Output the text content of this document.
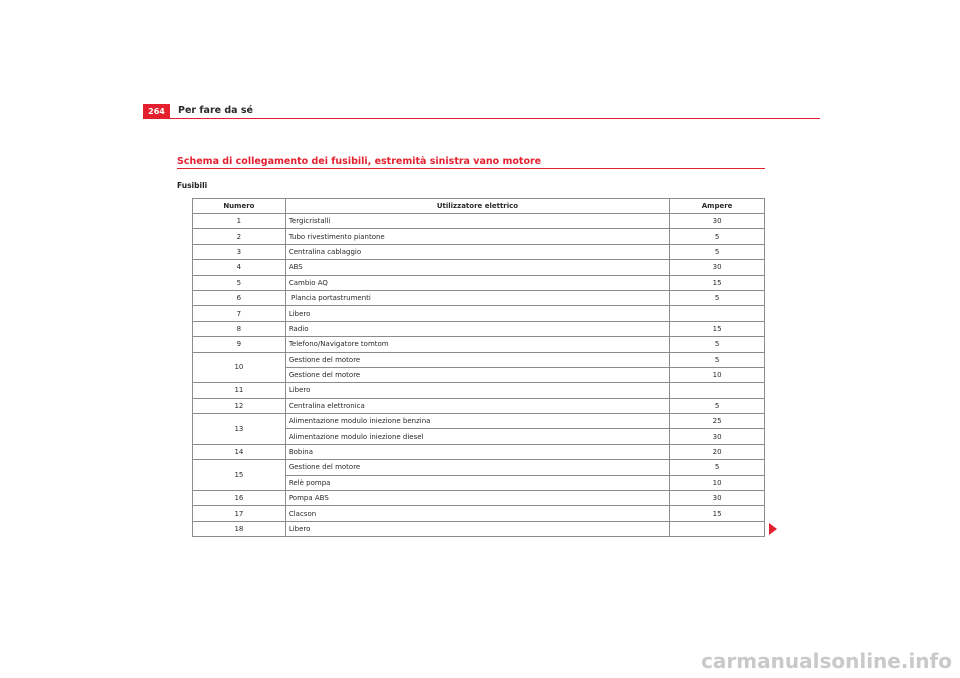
264	Per fare da sé
Schema di collegamento dei fusibili, estremità sinistra vano motore
Fusibili
Numero	Utilizzatore elettrico	Ampere
1	Tergicristalli	30
2	Tubo rivestimento piantone	5
3	Centralina cablaggio	5
4	ABS	30
5	Cambio AQ	15
6	Plancia portastrumenti	5
7	Libero	
8	Radio	15
9	Telefono/Navigatore tomtom	5
10	Gestione del motore	5
	Gestione del motore	10
11	Libero	
12	Centralina elettronica	5
13	Alimentazione modulo iniezione benzina	25
	Alimentazione modulo iniezione diesel	30
14	Bobina	20
15	Gestione del motore	5
	Relè pompa	10
16	Pompa ABS	30
17	Clacson	15
18	Libero	
carmanualsonline.info
